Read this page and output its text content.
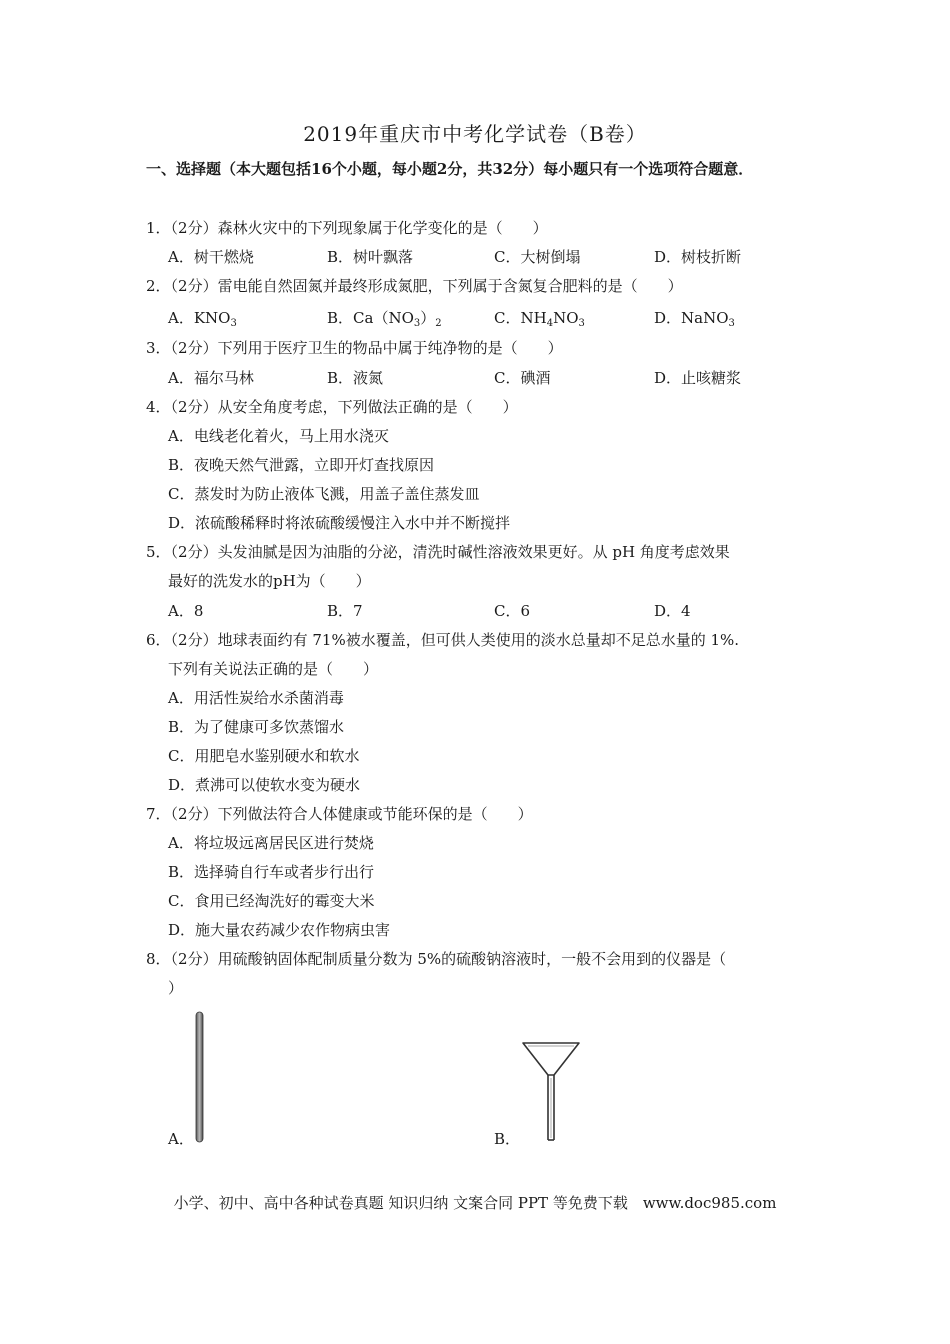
2019年重庆市中考化学试卷（B卷）
一、选择题（本大题包括16个小题，每小题2分，共32分）每小题只有一个选项符合题意．
1．（2分）森林火灾中的下列现象属于化学变化的是（　　）
A．树干燃烧	B．树叶飘落	C．大树倒塌	D．树枝折断
2．（2分）雷电能自然固氮并最终形成氮肥，下列属于含氮复合肥料的是（　　）
A．$KNO_3$	B．$Ca(NO_3)_2$	C．$NH_4NO_3$	D．NaNO$_3$
3．（2分）下列用于医疗卫生的物品中属于纯净物的是（　　）
A．福尔马林	B．液氮	C．碘酒	D．止咳糖浆
4．（2分）从安全角度考虑，下列做法正确的是（　　）
A．电线老化着火，马上用水浇灭
B．夜晚天然气泄露，立即开灯查找原因
C．蒸发时为防止液体飞溅，用盖子盖住蒸发皿
D．浓硫酸稀释时将浓硫酸缓慢注入水中并不断搅拌
5．（2分）头发油腻是因为油脂的分泌，清洗时碱性溶液效果更好。从 pH 角度考虑效果
最好的洗发水的pH为（　　）
A．8	B．7	C．6	D．4
6．（2分）地球表面约有 71%被水覆盖，但可供人类使用的淡水总量却不足总水量的 1%.
下列有关说法正确的是（　　）
A．用活性炭给水杀菌消毒
B．为了健康可多饮蒸馏水
C．用肥皂水鉴别硬水和软水
D．煮沸可以使软水变为硬水
7．（2分）下列做法符合人体健康或节能环保的是（　　）
A．将垃圾远离居民区进行焚烧
B．选择骑自行车或者步行出行
C．食用已经淘洗好的霉变大米
D．施大量农药减少农作物病虫害
8．（2分）用硫酸钠固体配制质量分数为 5%的硫酸钠溶液时，一般不会用到的仪器是（
）
A．	B．
小学、初中、高中各种试卷真题 知识归纳 文案合同 PPT 等免费下载　www.doc985.com
